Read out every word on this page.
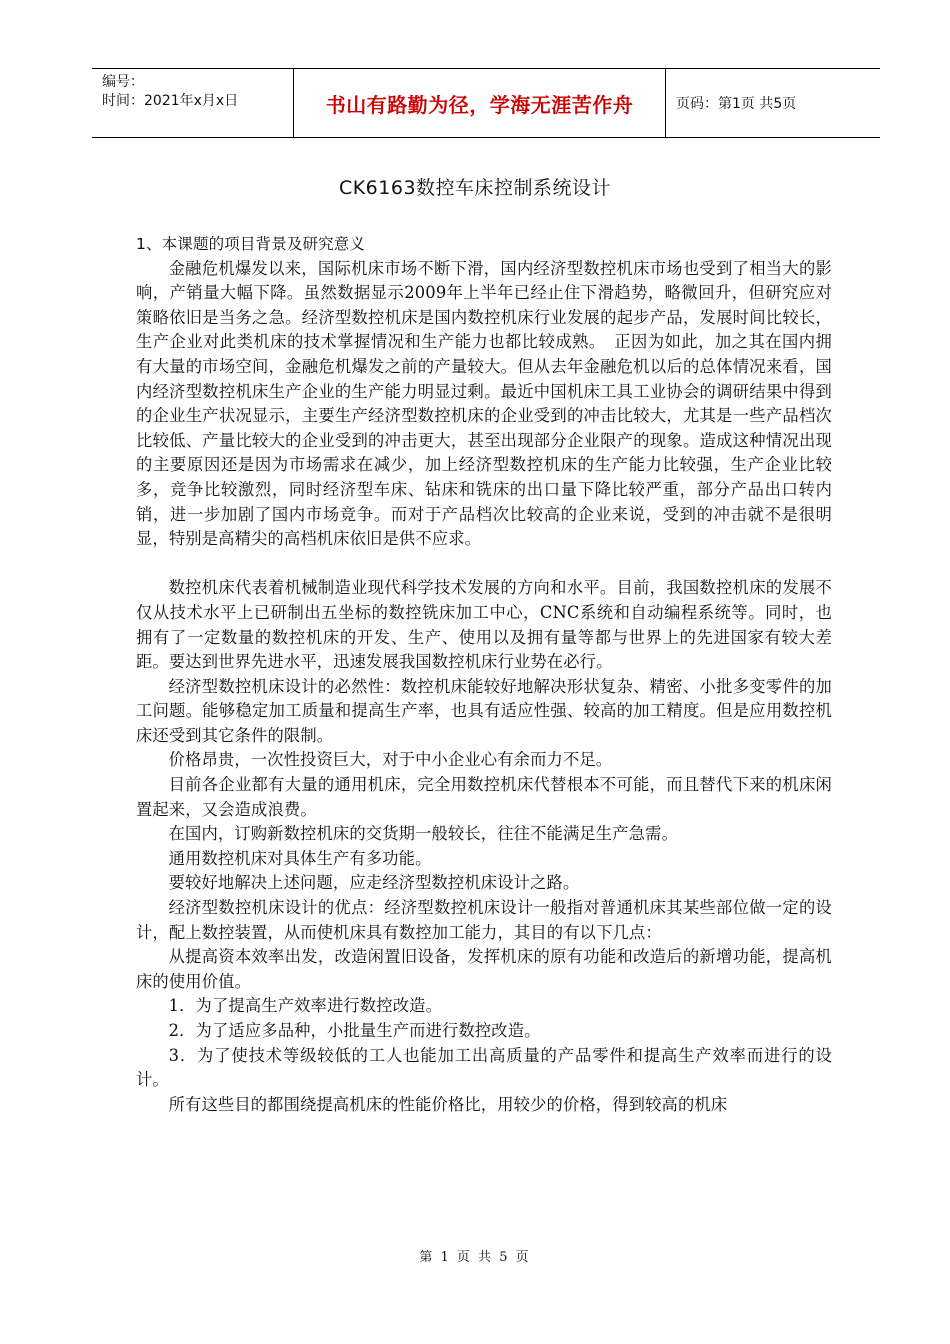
编号：
时间：2021年x月x日	书山有路勤为径，学海无涯苦作舟	页码：第1页 共5页
CK6163数控车床控制系统设计

1、本课题的项目背景及研究意义

金融危机爆发以来，国际机床市场不断下滑，国内经济型数控机床市场也受到了相当大的影响，产销量大幅下降。虽然数据显示2009年上半年已经止住下滑趋势，略微回升，但研究应对策略依旧是当务之急。经济型数控机床是国内数控机床行业发展的起步产品，发展时间比较长，生产企业对此类机床的技术掌握情况和生产能力也都比较成熟。　正因为如此，加之其在国内拥有大量的市场空间，金融危机爆发之前的产量较大。但从去年金融危机以后的总体情况来看，国内经济型数控机床生产企业的生产能力明显过剩。最近中国机床工具工业协会的调研结果中得到的企业生产状况显示，主要生产经济型数控机床的企业受到的冲击比较大，尤其是一些产品档次比较低、产量比较大的企业受到的冲击更大，甚至出现部分企业限产的现象。造成这种情况出现的主要原因还是因为市场需求在减少，加上经济型数控机床的生产能力比较强，生产企业比较多，竞争比较激烈，同时经济型车床、钻床和铣床的出口量下降比较严重，部分产品出口转内销，进一步加剧了国内市场竞争。而对于产品档次比较高的企业来说，受到的冲击就不是很明显，特别是高精尖的高档机床依旧是供不应求。

数控机床代表着机械制造业现代科学技术发展的方向和水平。目前，我国数控机床的发展不仅从技术水平上已研制出五坐标的数控铣床加工中心，CNC系统和自动编程系统等。同时，也拥有了一定数量的数控机床的开发、生产、使用以及拥有量等都与世界上的先进国家有较大差距。要达到世界先进水平，迅速发展我国数控机床行业势在必行。

经济型数控机床设计的必然性：数控机床能较好地解决形状复杂、精密、小批多变零件的加工问题。能够稳定加工质量和提高生产率，也具有适应性强、较高的加工精度。但是应用数控机床还受到其它条件的限制。

价格昂贵，一次性投资巨大，对于中小企业心有余而力不足。

目前各企业都有大量的通用机床，完全用数控机床代替根本不可能，而且替代下来的机床闲置起来，又会造成浪费。

在国内，订购新数控机床的交货期一般较长，往往不能满足生产急需。

通用数控机床对具体生产有多功能。

要较好地解决上述问题，应走经济型数控机床设计之路。

经济型数控机床设计的优点：经济型数控机床设计一般指对普通机床其某些部位做一定的设计，配上数控装置，从而使机床具有数控加工能力，其目的有以下几点：

从提高资本效率出发，改造闲置旧设备，发挥机床的原有功能和改造后的新增功能，提高机床的使用价值。

1．为了提高生产效率进行数控改造。

2．为了适应多品种，小批量生产而进行数控改造。

3．为了使技术等级较低的工人也能加工出高质量的产品零件和提高生产效率而进行的设计。

所有这些目的都围绕提高机床的性能价格比，用较少的价格，得到较高的机床

第 1 页 共 5 页
